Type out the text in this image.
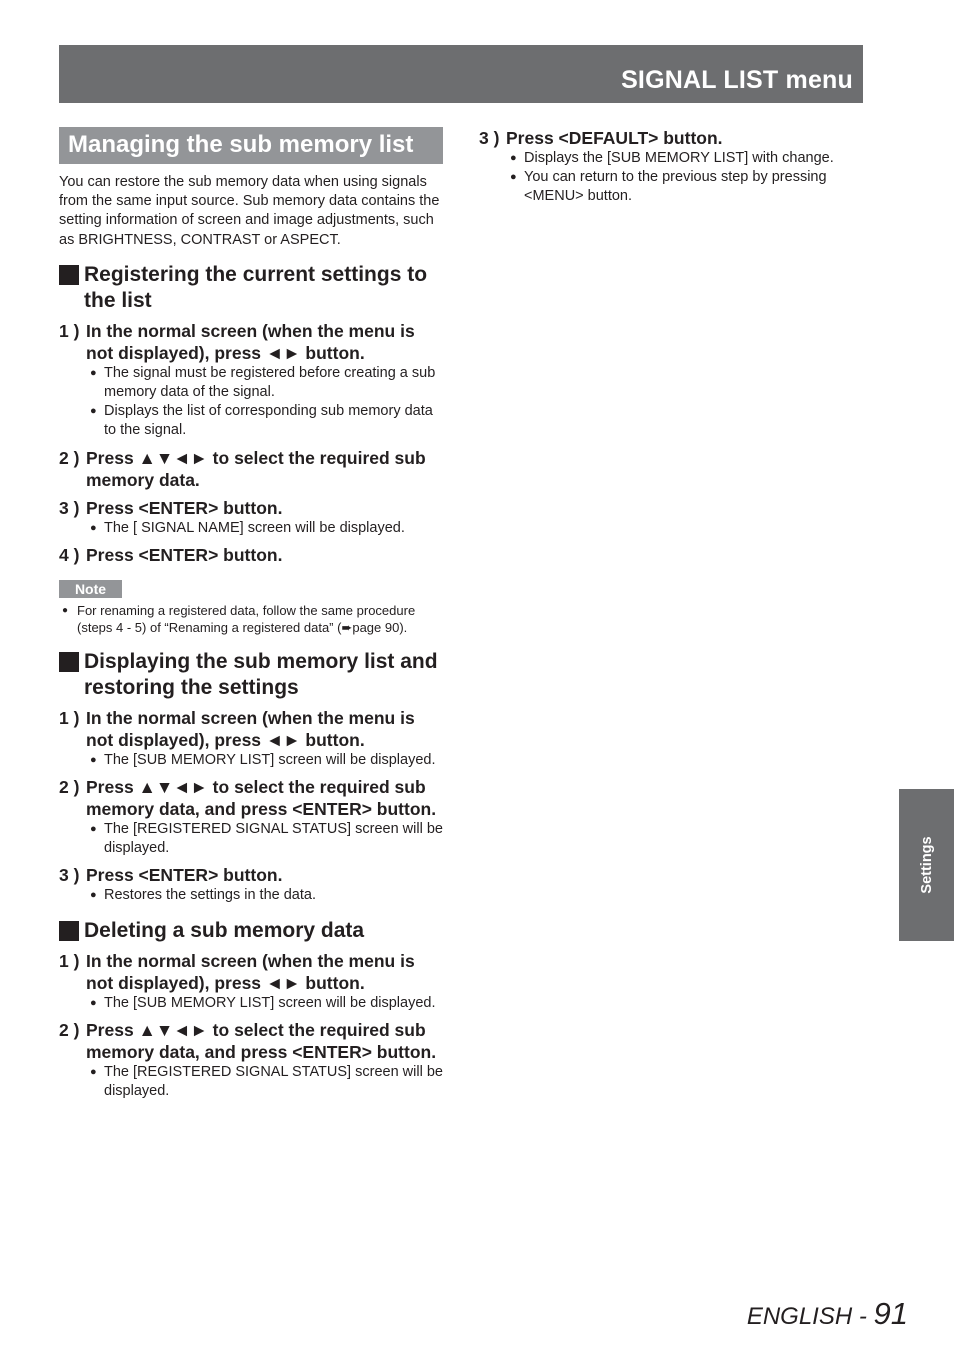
SIGNAL LIST menu
Managing the sub memory list
You can restore the sub memory data when using signals from the same input source. Sub memory data contains the setting information of screen and image adjustments, such as BRIGHTNESS, CONTRAST or ASPECT.
Registering the current settings to the list
1 ) In the normal screen (when the menu is not displayed), press ◄► button.
● The signal must be registered before creating a sub memory data of the signal.
● Displays the list of corresponding sub memory data to the signal.
2 ) Press ▲▼◄► to select the required sub memory data.
3 ) Press <ENTER> button.
● The [ SIGNAL NAME] screen will be displayed.
4 ) Press <ENTER> button.
Note
● For renaming a registered data, follow the same procedure (steps 4 - 5) of “Renaming a registered data” (➨page 90).
Displaying the sub memory list and restoring the settings
1 ) In the normal screen (when the menu is not displayed), press ◄► button.
● The [SUB MEMORY LIST] screen will be displayed.
2 ) Press ▲▼◄► to select the required sub memory data, and press <ENTER> button.
● The [REGISTERED SIGNAL STATUS] screen will be displayed.
3 ) Press <ENTER> button.
● Restores the settings in the data.
Deleting a sub memory data
1 ) In the normal screen (when the menu is not displayed), press ◄► button.
● The [SUB MEMORY LIST] screen will be displayed.
2 ) Press ▲▼◄► to select the required sub memory data, and press <ENTER> button.
● The [REGISTERED SIGNAL STATUS] screen will be displayed.
3 ) Press <DEFAULT> button.
● Displays the [SUB MEMORY LIST] with change.
● You can return to the previous step by pressing <MENU> button.
Settings
ENGLISH - 91
